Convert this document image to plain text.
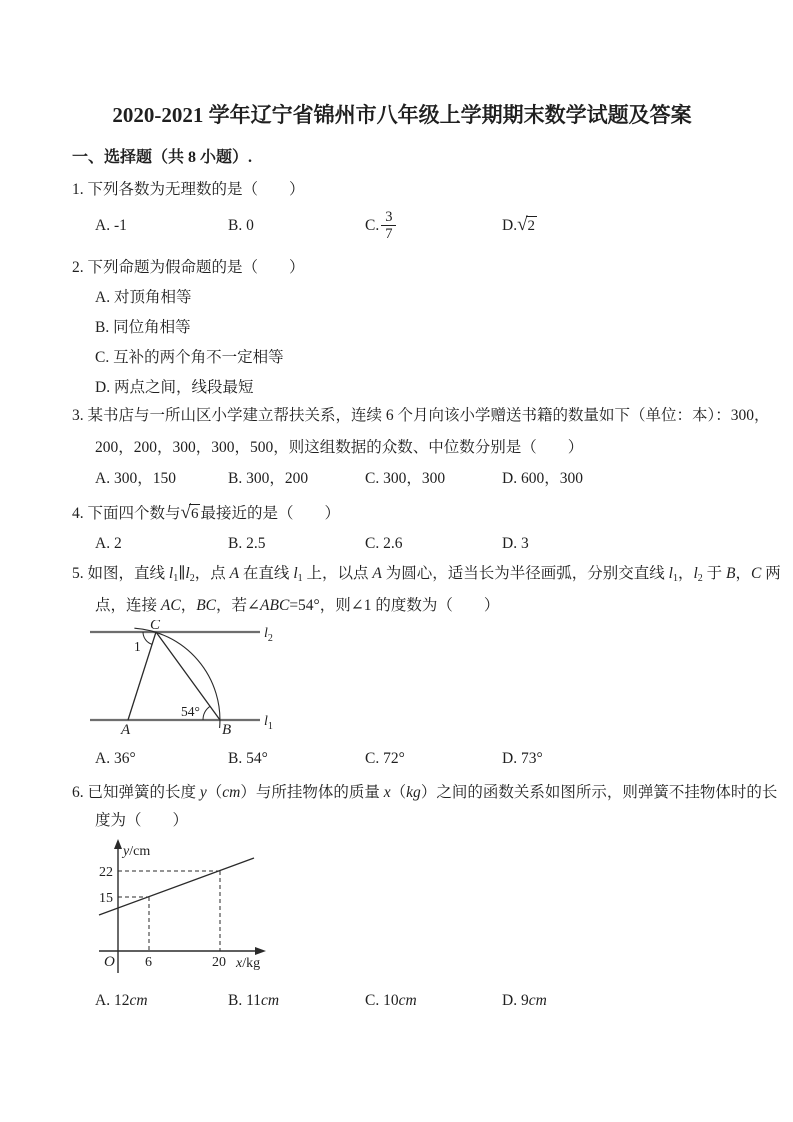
2020-2021 学年辽宁省锦州市八年级上学期期末数学试题及答案
一、选择题（共 8 小题）.
1. 下列各数为无理数的是（　　）
A. -1	B. 0	C. $\frac{3}{7}$	D. √ 2
2. 下列命题为假命题的是（　　）
A. 对顶角相等
B. 同位角相等
C. 互补的两个角不一定相等
D. 两点之间，线段最短
3. 某书店与一所山区小学建立帮扶关系，连续 6 个月向该小学赠送书籍的数量如下（单位：本）：300，
200，200，300，300，500，则这组数据的众数、中位数分别是（　　）
A. 300，150	B. 300，200	C. 300，300	D. 600，300
4. 下面四个数与 √ 6 最接近的是（　　）
A. 2	B. 2.5	C. 2.6	D. 3
5. 如图，直线 $l_1\parallel l_2$，点 A 在直线 $l_1$ 上，以点 A 为圆心，适当长为半径画弧，分别交直线 $l_1$，$l_2$ 于 B，C 两
点，连接 AC，BC，若∠ABC=54°，则∠1 的度数为（　　）
$l_2$
$l_1$
C
1
54°
A	B
A. 36°	B. 54°	C. 72°	D. 73°
6. 已知弹簧的长度 y（cm）与所挂物体的质量 x（kg）之间的函数关系如图所示，则弹簧不挂物体时的长
度为（　　）
y/cm
22
15
O 6	20 x/kg
A. 12cm	B. 11cm	C. 10cm	D. 9cm
